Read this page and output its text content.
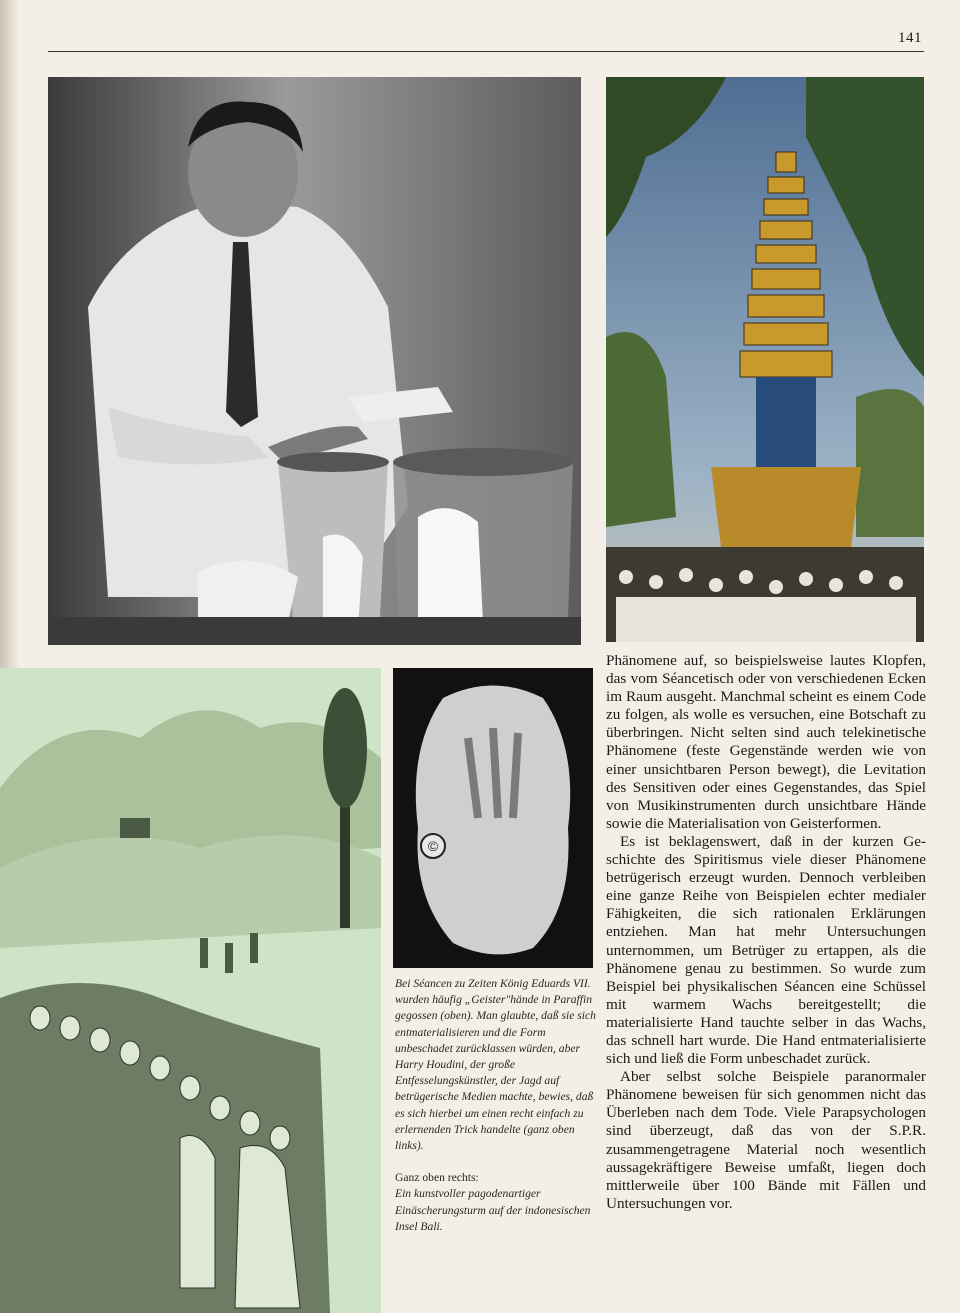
141
©

Bei Séancen zu Zeiten König Eduards VII. wurden häufig „Geister"hände in Paraffin gegossen (oben). Man glaubte, daß sie sich entmaterialisieren und die Form unbeschadet zurücklassen würden, aber Harry Houdini, der große Entfesselungskünstler, der Jagd auf betrügerische Medien machte, bewies, daß es sich hierbei um einen recht einfach zu erlernenden Trick handelte (ganz oben links).

Ganz oben rechts:

Ein kunstvoller pagodenartiger Einäscherungsturm auf der indonesischen Insel Bali.

Phänomene auf, so beispielsweise lautes Klopfen, das vom Séancetisch oder von verschiedenen Ecken im Raum ausgeht. Manchmal scheint es einem Code zu folgen, als wolle es versuchen, eine Botschaft zu überbringen. Nicht selten sind auch telekinetische Phänomene (feste Gegenstände werden wie von einer unsichtbaren Person bewegt), die Levitation des Sensitiven oder eines Gegenstandes, das Spiel von Musikinstrumenten durch unsichtbare Hände sowie die Materialisation von Geisterformen.

Es ist beklagenswert, daß in der kurzen Geschichte des Spiritismus viele dieser Phänomene betrügerisch erzeugt wurden. Dennoch verbleiben eine ganze Reihe von Beispielen echter medialer Fähigkeiten, die sich rationalen Erklärungen entziehen. Man hat mehr Untersuchungen unternommen, um Betrüger zu ertappen, als die Phänomene genau zu bestimmen. So wurde zum Beispiel bei physikalischen Séancen eine Schüssel mit warmem Wachs bereitgestellt; die materialisierte Hand tauchte selber in das Wachs, das schnell hart wurde. Die Hand entmaterialisierte sich und ließ die Form unbeschadet zurück.

Aber selbst solche Beispiele paranormaler Phänomene beweisen für sich genommen nicht das Überleben nach dem Tode. Viele Parapsychologen sind überzeugt, daß das von der S.P.R. zusammengetragene Material noch wesentlich aussagekräftigere Beweise umfaßt, liegen doch mittlerweile über 100 Bände mit Fällen und Untersuchungen vor.
